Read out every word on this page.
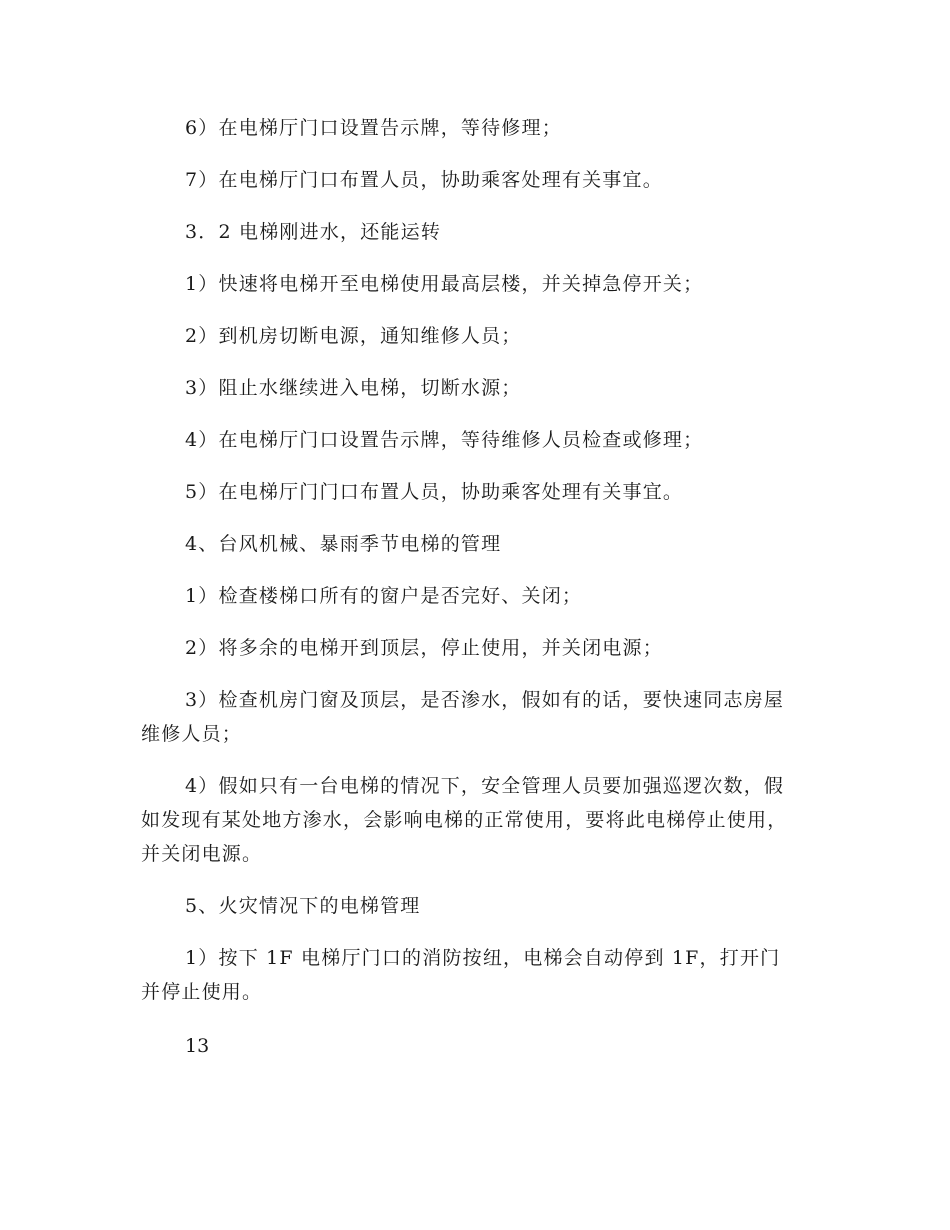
6）在电梯厅门口设置告示牌，等待修理；

7）在电梯厅门口布置人员，协助乘客处理有关事宜。

3．2 电梯刚进水，还能运转

1）快速将电梯开至电梯使用最高层楼，并关掉急停开关；

2）到机房切断电源，通知维修人员；

3）阻止水继续进入电梯，切断水源；

4）在电梯厅门口设置告示牌，等待维修人员检查或修理；

5）在电梯厅门门口布置人员，协助乘客处理有关事宜。

4、台风机械、暴雨季节电梯的管理

1）检查楼梯口所有的窗户是否完好、关闭；

2）将多余的电梯开到顶层，停止使用，并关闭电源；

3）检查机房门窗及顶层，是否渗水，假如有的话，要快速同志房屋维修人员；

4）假如只有一台电梯的情况下，安全管理人员要加强巡逻次数，假如发现有某处地方渗水，会影响电梯的正常使用，要将此电梯停止使用，并关闭电源。

5、火灾情况下的电梯管理

1）按下 1F 电梯厅门口的消防按纽，电梯会自动停到 1F，打开门并停止使用。

13
